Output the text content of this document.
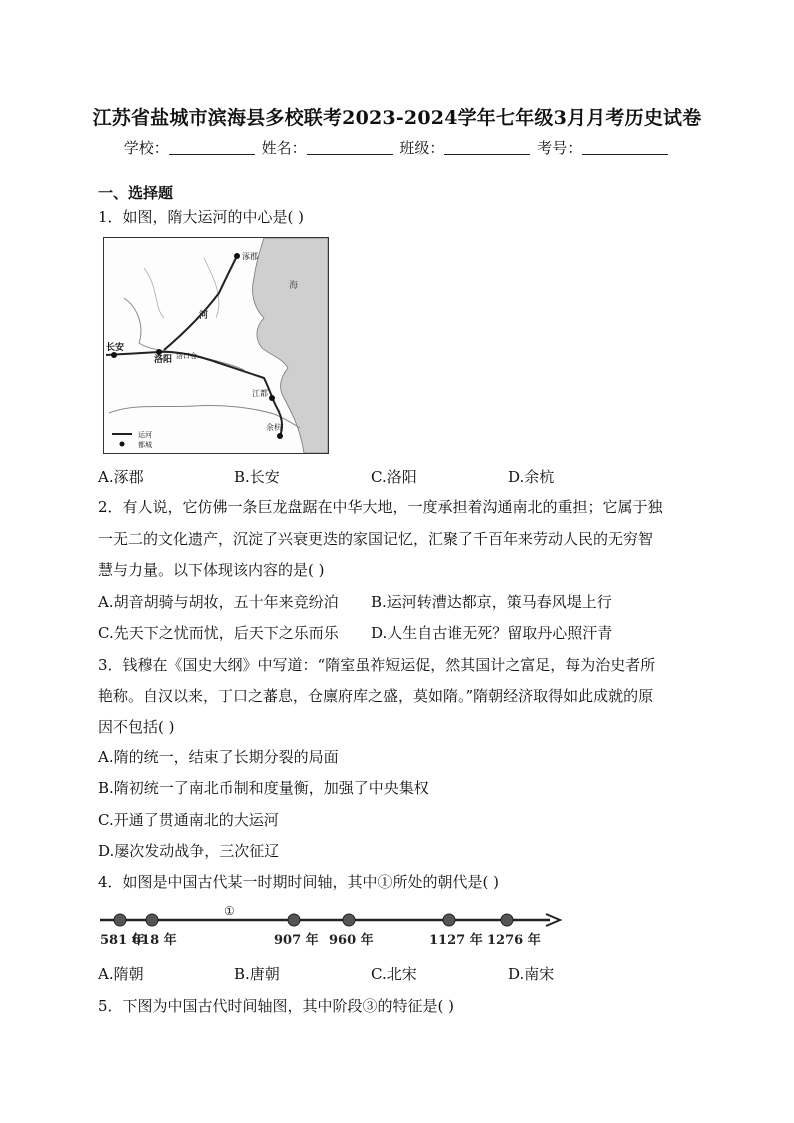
江苏省盐城市滨海县多校联考2023-2024学年七年级3月月考历史试卷
学校：	姓名：	班级：	考号：
一、选择题
1．如图，隋大运河的中心是( )
涿郡
长安
洛阳 洛口仓
江都
余杭
海
河
运河
都城
A.涿郡	B.长安	C.洛阳	D.余杭
2．有人说，它仿佛一条巨龙盘踞在中华大地，一度承担着沟通南北的重担；它属于独
一无二的文化遗产，沉淀了兴衰更迭的家国记忆，汇聚了千百年来劳动人民的无穷智
慧与力量。以下体现该内容的是( )
A.胡音胡骑与胡妆，五十年来竞纷泊 B.运河转漕达都京，策马春风堤上行
C.先天下之忧而忧，后天下之乐而乐 D.人生自古谁无死？留取丹心照汗青
3．钱穆在《国史大纲》中写道：“隋室虽祚短运促，然其国计之富足，每为治史者所
艳称。自汉以来，丁口之蕃息，仓廪府库之盛，莫如隋。”隋朝经济取得如此成就的原
因不包括( )
A.隋的统一，结束了长期分裂的局面
B.隋初统一了南北币制和度量衡，加强了中央集权
C.开通了贯通南北的大运河
D.屡次发动战争，三次征辽
4．如图是中国古代某一时期时间轴，其中①所处的朝代是( )
581 年
618 年	907 年 960 年	1127 年 1276 年
①
A.隋朝	B.唐朝	C.北宋	D.南宋
5．下图为中国古代时间轴图，其中阶段③的特征是( )
